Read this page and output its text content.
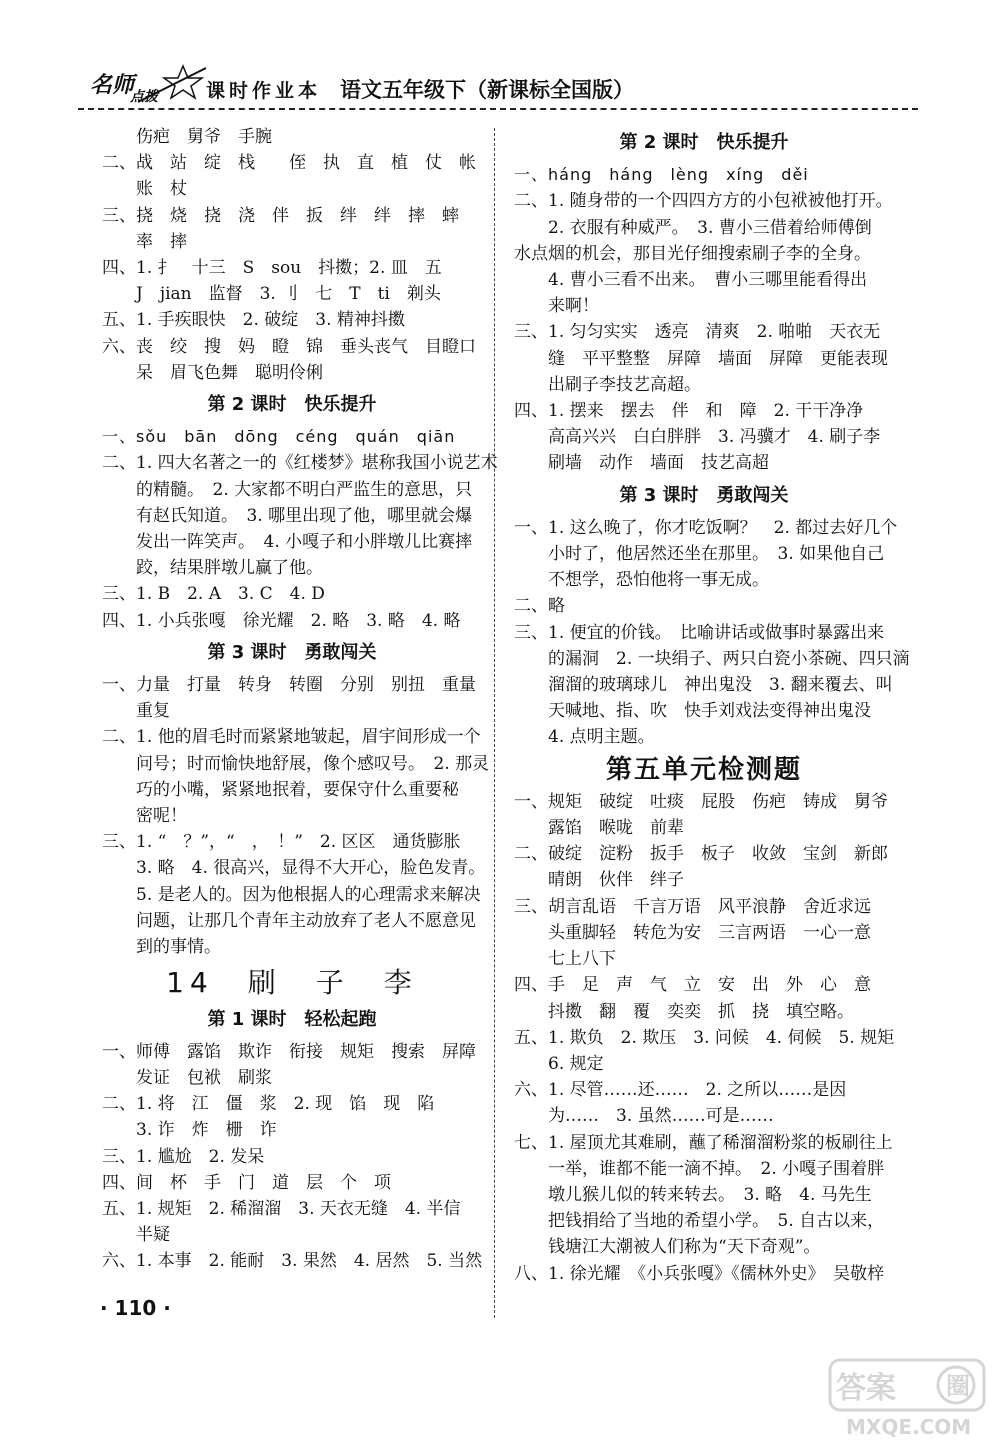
名师
点拨	课时作业本 语文五年级下（新课标全国版）
伤疤　舅爷　手腕
二、战　站　绽　栈　　侄　执　直　植　仗　帐
账　杖
三、挠　烧　挠　浇　伴　扳　绊　绊　摔　蟀
率　摔
四、1. 扌　十三　S　sou　抖擞；2. 皿　五
J　jian　监督　3. 刂　七　T　ti　剃头
五、1. 手疾眼快　2. 破绽　3. 精神抖擞
六、丧　绞　搜　妈　瞪　锦　垂头丧气　目瞪口
呆　眉飞色舞　聪明伶俐
第 2 课时　快乐提升
一、sǒu　bān　dōng　céng　quán　qiān
二、1. 四大名著之一的《红楼梦》堪称我国小说艺术
的精髓。　2. 大家都不明白严监生的意思，只
有赵氏知道。　3. 哪里出现了他，哪里就会爆
发出一阵笑声。　4. 小嘎子和小胖墩儿比赛摔
跤，结果胖墩儿赢了他。
三、1. B　2. A　3. C　4. D
四、1. 小兵张嘎　徐光耀　2. 略　3. 略　4. 略
第 3 课时　勇敢闯关
一、力量　打量　转身　转圈　分别　别扭　重量
重复
二、1. 他的眉毛时而紧紧地皱起，眉宇间形成一个
问号；时而愉快地舒展，像个感叹号。　2. 那灵
巧的小嘴，紧紧地抿着，要保守什么重要秘
密呢！
三、1. “　？”，“　，　！”　2. 区区　通货膨胀
3. 略　4. 很高兴，显得不大开心，脸色发青。
5. 是老人的。因为他根据人的心理需求来解决
问题，让那几个青年主动放弃了老人不愿意见
到的事情。
14　刷　子　李
第 1 课时　轻松起跑
一、师傅　露馅　欺诈　衔接　规矩　搜索　屏障
发证　包袱　刷浆
二、1. 将　江　僵　浆　2. 现　馅　现　陷
3. 诈　炸　栅　诈
三、1. 尴尬　2. 发呆
四、间　杯　手　门　道　层　个　项
五、1. 规矩　2. 稀溜溜　3. 天衣无缝　4. 半信
半疑
六、1. 本事　2. 能耐　3. 果然　4. 居然　5. 当然
第 2 课时　快乐提升
一、háng　háng　lèng　xíng　děi
二、1. 随身带的一个四四方方的小包袱被他打开。
2. 衣服有种威严。　3. 曹小三借着给师傅倒
水点烟的机会，那目光仔细搜索刷子李的全身。
4. 曹小三看不出来。　曹小三哪里能看得出
来啊！
三、1. 匀匀实实　透亮　清爽　2. 啪啪　天衣无
缝　平平整整　屏障　墙面　屏障　更能表现
出刷子李技艺高超。
四、1. 摆来　摆去　伴　和　障　2. 干干净净
高高兴兴　白白胖胖　3. 冯骥才　4. 刷子李
刷墙　动作　墙面　技艺高超
第 3 课时　勇敢闯关
一、1. 这么晚了，你才吃饭啊？　2. 都过去好几个
小时了，他居然还坐在那里。　3. 如果他自己
不想学，恐怕他将一事无成。
二、略
三、1. 便宜的价钱。　比喻讲话或做事时暴露出来
的漏洞　2. 一块绢子、两只白瓷小茶碗、四只滴
溜溜的玻璃球儿　神出鬼没　3. 翻来覆去、叫
天喊地、指、吹　快手刘戏法变得神出鬼没
4. 点明主题。
第五单元检测题
一、规矩　破绽　吐痰　屁股　伤疤　铸成　舅爷
露馅　喉咙　前辈
二、破绽　淀粉　扳手　板子　收敛　宝剑　新郎
晴朗　伙伴　绊子
三、胡言乱语　千言万语　风平浪静　舍近求远
头重脚轻　转危为安　三言两语　一心一意
七上八下
四、手　足　声　气　立　安　出　外　心　意
抖擞　翻　覆　奕奕　抓　挠　填空略。
五、1. 欺负　2. 欺压　3. 问候　4. 伺候　5. 规矩
6. 规定
六、1. 尽管……还……　2. 之所以……是因
为……　3. 虽然……可是……
七、1. 屋顶尤其难刷，蘸了稀溜溜粉浆的板刷往上
一举，谁都不能一滴不掉。　2. 小嘎子围着胖
墩儿猴儿似的转来转去。　3. 略　4. 马先生
把钱捐给了当地的希望小学。　5. 自古以来，
钱塘江大潮被人们称为“天下奇观”。
八、1. 徐光耀　《小兵张嘎》《儒林外史》　吴敬梓
· 110 ·
答案 圈
MXQE.COM
